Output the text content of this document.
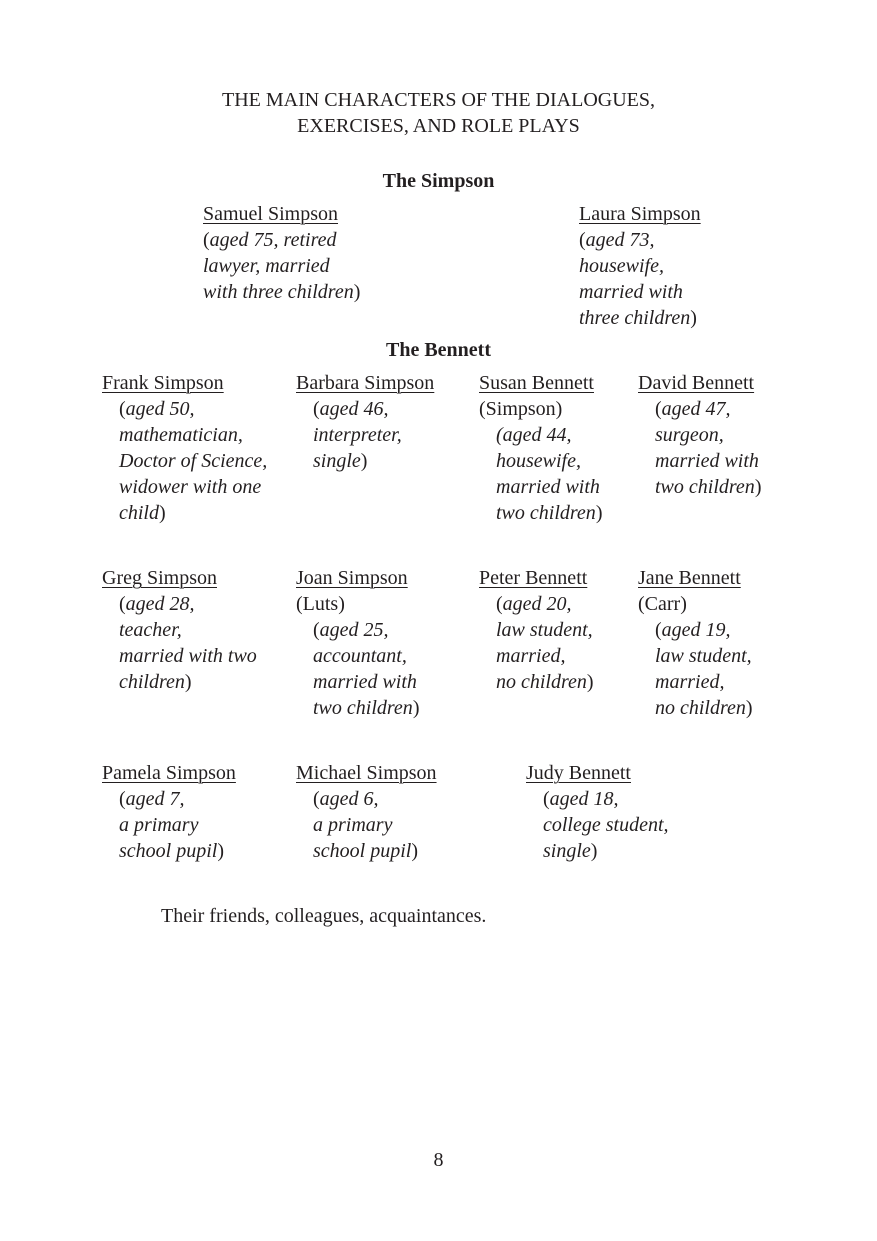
THE MAIN CHARACTERS OF THE DIALOGUES,
EXERCISES, AND ROLE PLAYS
The Simpson
Samuel Simpson
(aged 75, retired
lawyer, married
with three children)
Laura Simpson
(aged 73,
housewife,
married with
three children)
The Bennett
Frank Simpson
(aged 50,
mathematician,
Doctor of Science,
widower with one
child)
Barbara Simpson
(aged 46,
interpreter,
single)
Susan Bennett
(Simpson)
(aged 44,
housewife,
married with
two children)
David Bennett
(aged 47,
surgeon,
married with
two children)
Greg Simpson
(aged 28,
teacher,
married with two
children)
Joan Simpson
(Luts)
(aged 25,
accountant,
married with
two children)
Peter Bennett
(aged 20,
law student,
married,
no children)
Jane Bennett
(Carr)
(aged 19,
law student,
married,
no children)
Pamela Simpson
(aged 7,
a primary
school pupil)
Michael Simpson
(aged 6,
a primary
school pupil)
Judy Bennett
(aged 18,
college student,
single)
Their friends, colleagues, acquaintances.
8
